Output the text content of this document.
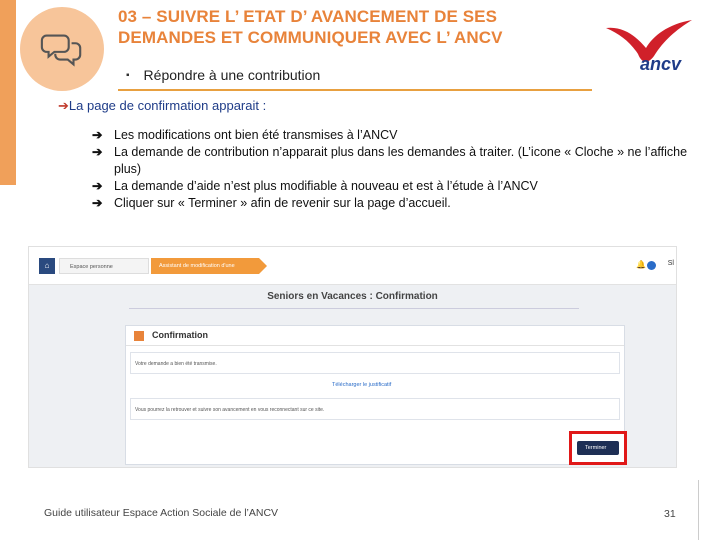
03 – SUIVRE L’ ETAT D’ AVANCEMENT DE SES
DEMANDES ET COMMUNIQUER AVEC L’ ANCV
▪ Répondre à une contribution
ancv
➔La page de confirmation apparait :
➔ Les modifications ont bien été transmises à l’ANCV
➔ La demande de contribution n’apparait plus dans les demandes à traiter. (L’icone « Cloche » ne l’affiche plus)
➔ La demande d’aide n’est plus modifiable à nouveau et est à l’étude à l’ANCV
➔ Cliquer sur « Terminer » afin de revenir sur la page d’accueil.
⌂	Espace personne	Assistant de modification d'une demande
🔔	Sl
Seniors en Vacances : Confirmation
Confirmation
Votre demande a bien été transmise.
Télécharger le justificatif
Vous pourrez la retrouver et suivre son avancement en vous reconnectant sur ce site.
Terminer
Guide utilisateur Espace Action Sociale de l’ANCV	31
